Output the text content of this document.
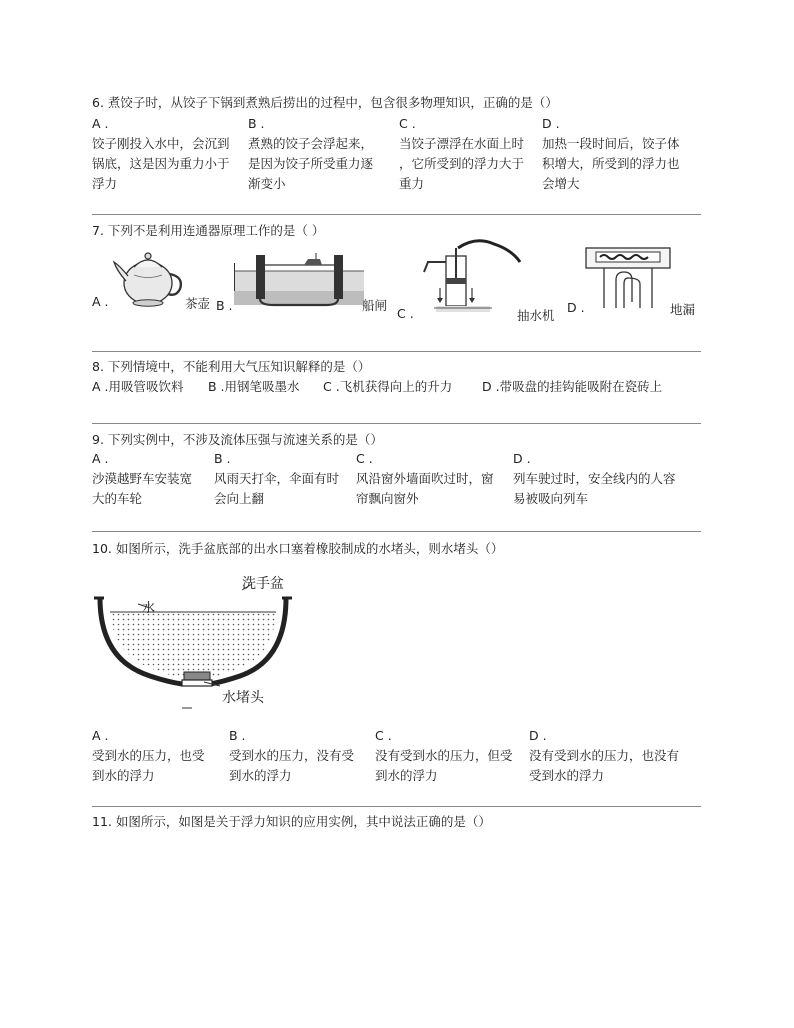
6. 煮饺子时，从饺子下锅到煮熟后捞出的过程中，包含很多物理知识，正确的是（）
A .
饺子刚投入水中，会沉到
锅底，这是因为重力小于
浮力
B .
煮熟的饺子会浮起来，
是因为饺子所受重力逐
渐变小
C .
当饺子漂浮在水面上时
，它所受到的浮力大于
重力
D .
加热一段时间后，饺子体
积增大，所受到的浮力也
会增大
7. 下列不是利用连通器原理工作的是（ ）
A .	茶壶 B .	船闸
C .	抽水机
D .	地漏
8. 下列情境中，不能利用大气压知识解释的是（）
A .用吸管吸饮料 B .用钢笔吸墨水 C .飞机获得向上的升力 D .带吸盘的挂钩能吸附在瓷砖上
9. 下列实例中，不涉及流体压强与流速关系的是（）
A .
沙漠越野车安装宽
大的车轮
B .
风雨天打伞，伞面有时
会向上翻
C .
风沿窗外墙面吹过时，窗
帘飘向窗外
D .
列车驶过时，安全线内的人容
易被吸向列车
10. 如图所示，洗手盆底部的出水口塞着橡胶制成的水堵头，则水堵头（）
洗手盆
水
水堵头
A .
受到水的压力，也受
到水的浮力
B .
受到水的压力，没有受
到水的浮力
C .
没有受到水的压力，但受
到水的浮力
D .
没有受到水的压力，也没有
受到水的浮力
11. 如图所示，如图是关于浮力知识的应用实例，其中说法正确的是（）
